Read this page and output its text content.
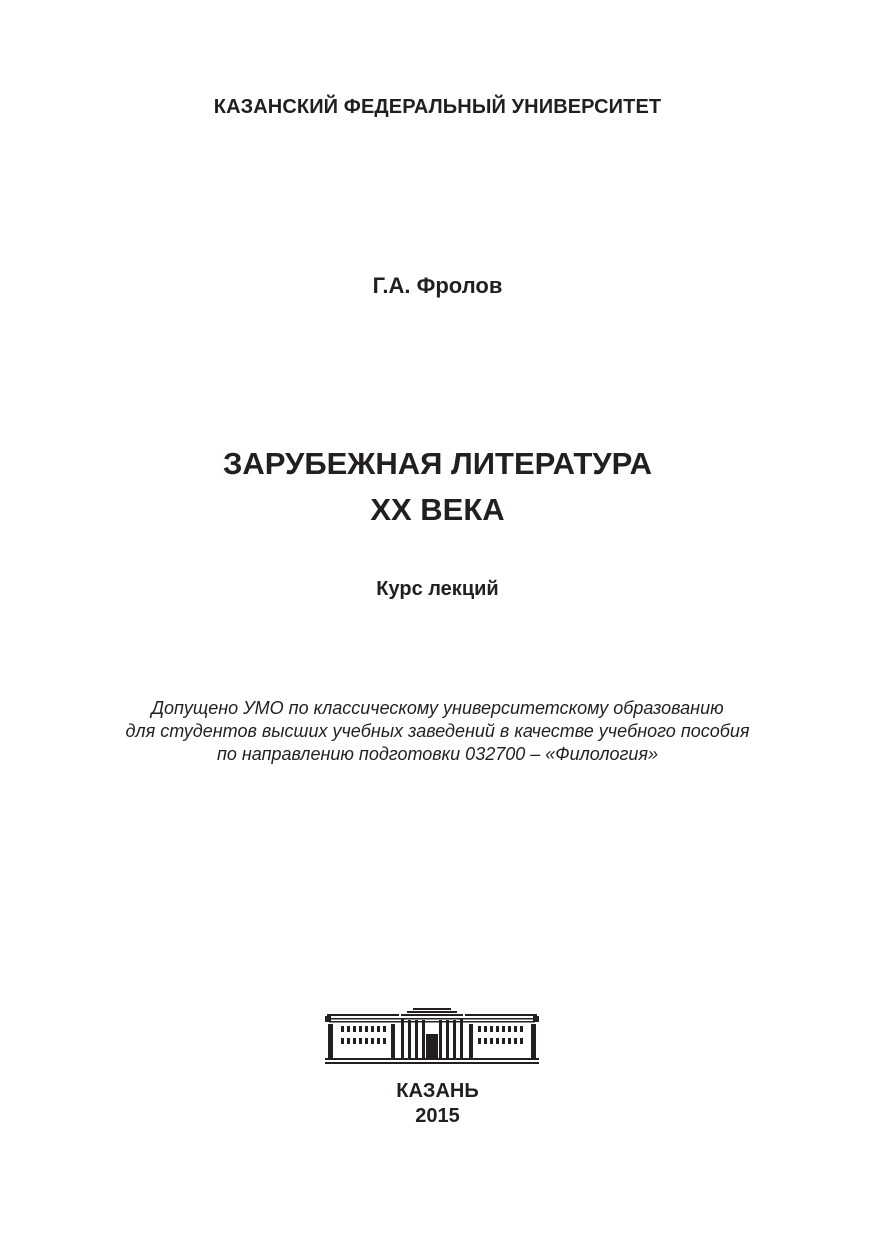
КАЗАНСКИЙ ФЕДЕРАЛЬНЫЙ УНИВЕРСИТЕТ
Г.А. Фролов
ЗАРУБЕЖНАЯ ЛИТЕРАТУРА
XX ВЕКА
Курс лекций
Допущено УМО по классическому университетскому образованию
для студентов высших учебных заведений в качестве учебного пособия
по направлению подготовки 032700 – «Филология»
КАЗАНЬ
2015
